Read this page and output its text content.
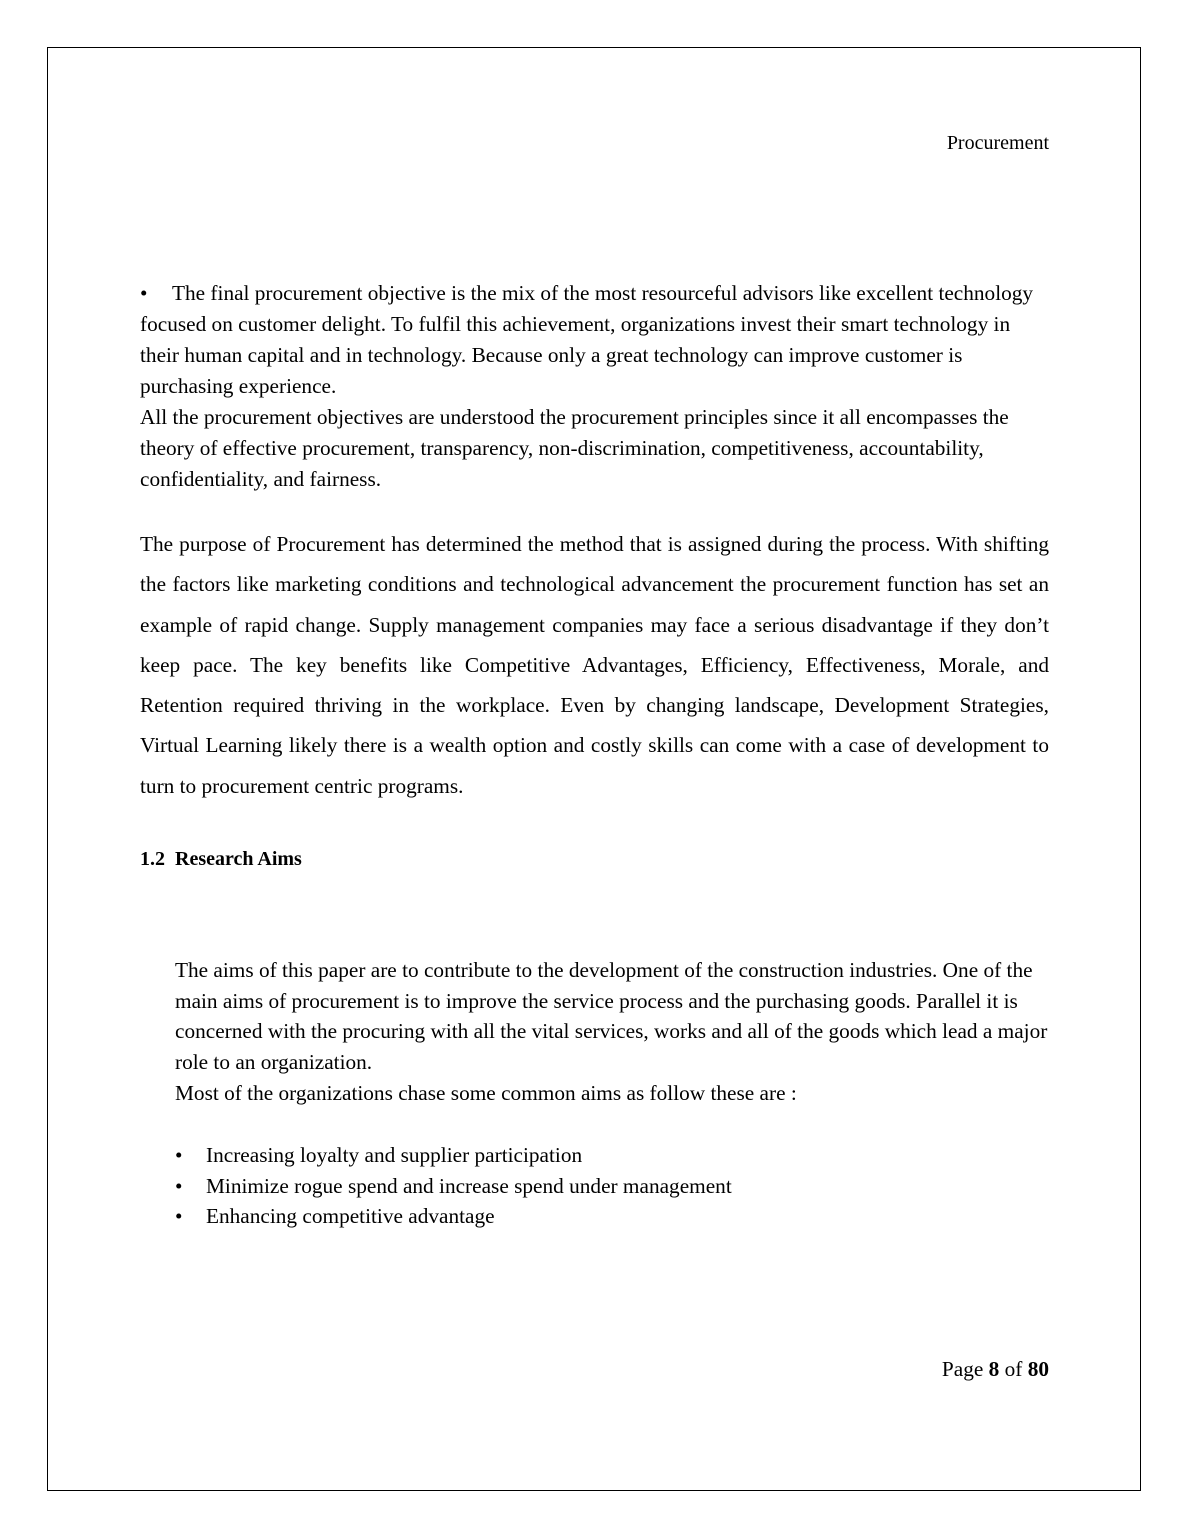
Procurement

• The final procurement objective is the mix of the most resourceful advisors like excellent technology focused on customer delight. To fulfil this achievement, organizations invest their smart technology in their human capital and in technology. Because only a great technology can improve customer is purchasing experience.

All the procurement objectives are understood the procurement principles since it all encompasses the theory of effective procurement, transparency, non-discrimination, competitiveness, accountability, confidentiality, and fairness.

The purpose of Procurement has determined the method that is assigned during the process. With shifting the factors like marketing conditions and technological advancement the procurement function has set an example of rapid change. Supply management companies may face a serious disadvantage if they don’t keep pace. The key benefits like Competitive Advantages, Efficiency, Effectiveness, Morale, and Retention required thriving in the workplace. Even by changing landscape, Development Strategies, Virtual Learning likely there is a wealth option and costly skills can come with a case of development to turn to procurement centric programs.

1.2 Research Aims

The aims of this paper are to contribute to the development of the construction industries. One of the main aims of procurement is to improve the service process and the purchasing goods. Parallel it is concerned with the procuring with all the vital services, works and all of the goods which lead a major role to an organization.

Most of the organizations chase some common aims as follow these are :

•	Increasing loyalty and supplier participation
•	Minimize rogue spend and increase spend under management
•	Enhancing competitive advantage
Page 8 of 80
